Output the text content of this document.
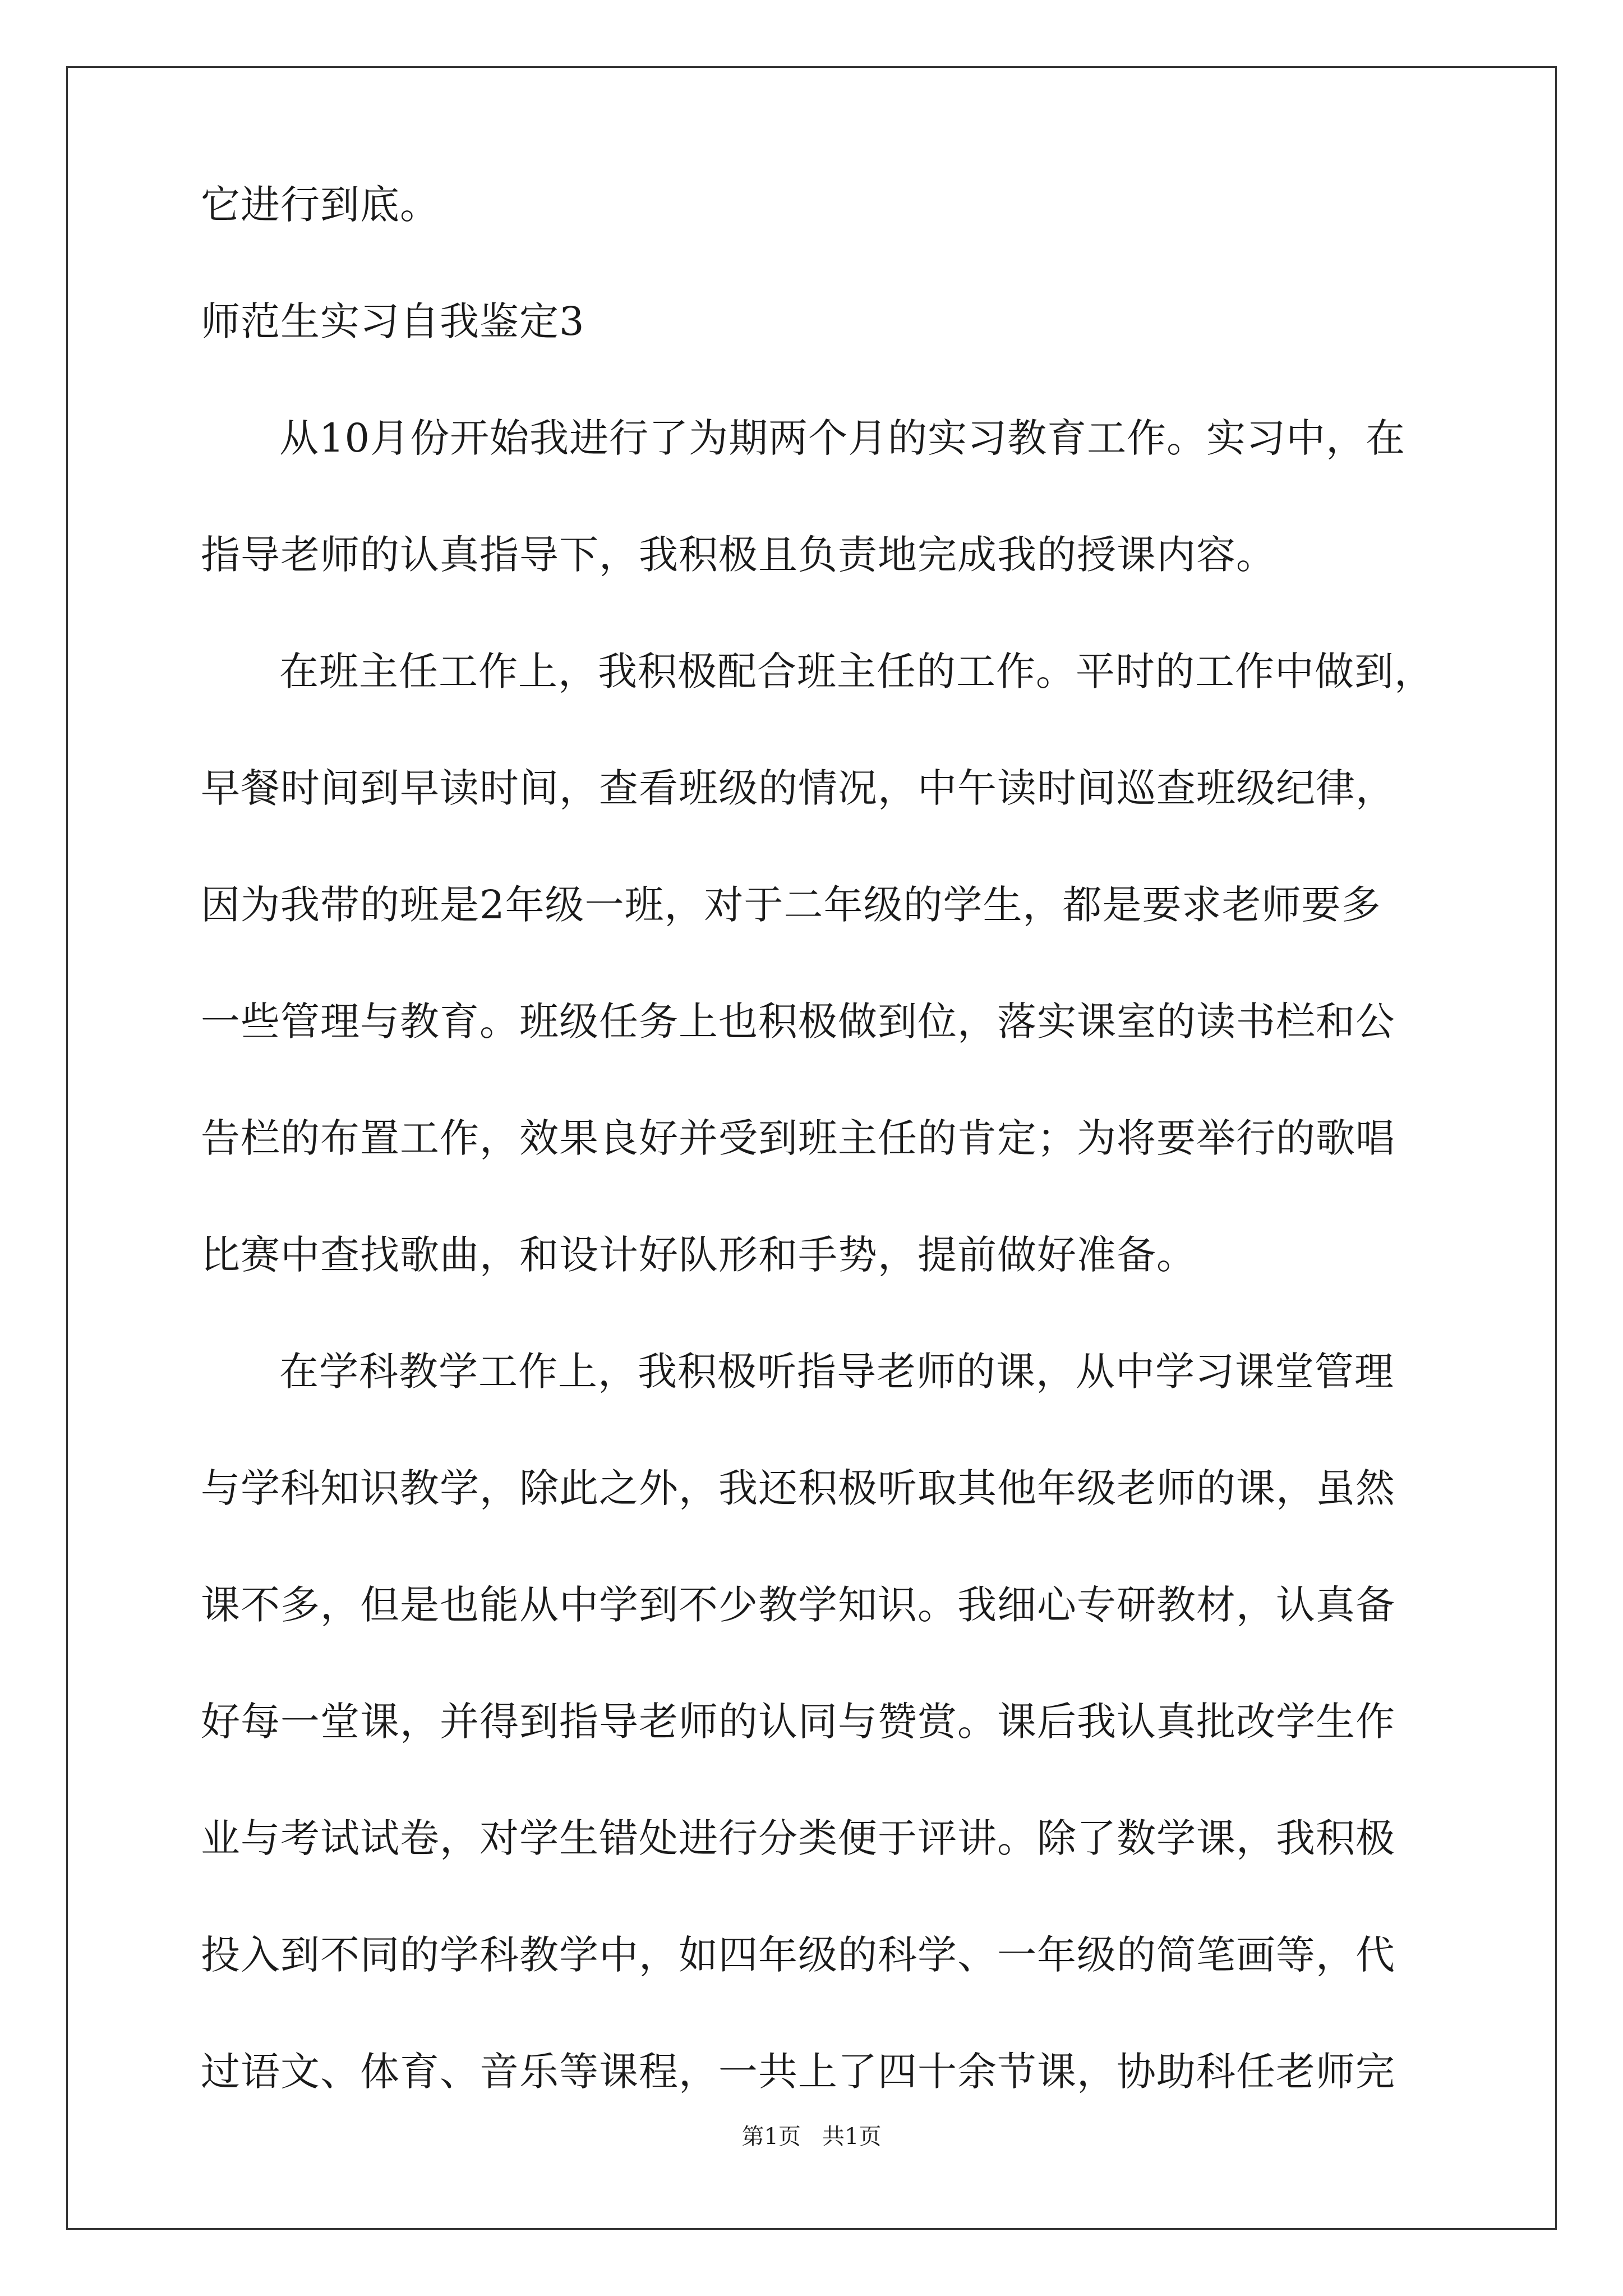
它进行到底。
师范生实习自我鉴定3
从10月份开始我进行了为期两个月的实习教育工作。实习中，在
指导老师的认真指导下，我积极且负责地完成我的授课内容。
在班主任工作上，我积极配合班主任的工作。平时的工作中做到，
早餐时间到早读时间，查看班级的情况，中午读时间巡查班级纪律，
因为我带的班是2年级一班，对于二年级的学生，都是要求老师要多
一些管理与教育。班级任务上也积极做到位，落实课室的读书栏和公
告栏的布置工作，效果良好并受到班主任的肯定；为将要举行的歌唱
比赛中查找歌曲，和设计好队形和手势，提前做好准备。
在学科教学工作上，我积极听指导老师的课，从中学习课堂管理
与学科知识教学，除此之外，我还积极听取其他年级老师的课，虽然
课不多，但是也能从中学到不少教学知识。我细心专研教材，认真备
好每一堂课，并得到指导老师的认同与赞赏。课后我认真批改学生作
业与考试试卷，对学生错处进行分类便于评讲。除了数学课，我积极
投入到不同的学科教学中，如四年级的科学、一年级的简笔画等，代
过语文、体育、音乐等课程，一共上了四十余节课，协助科任老师完
第1页   共1页
